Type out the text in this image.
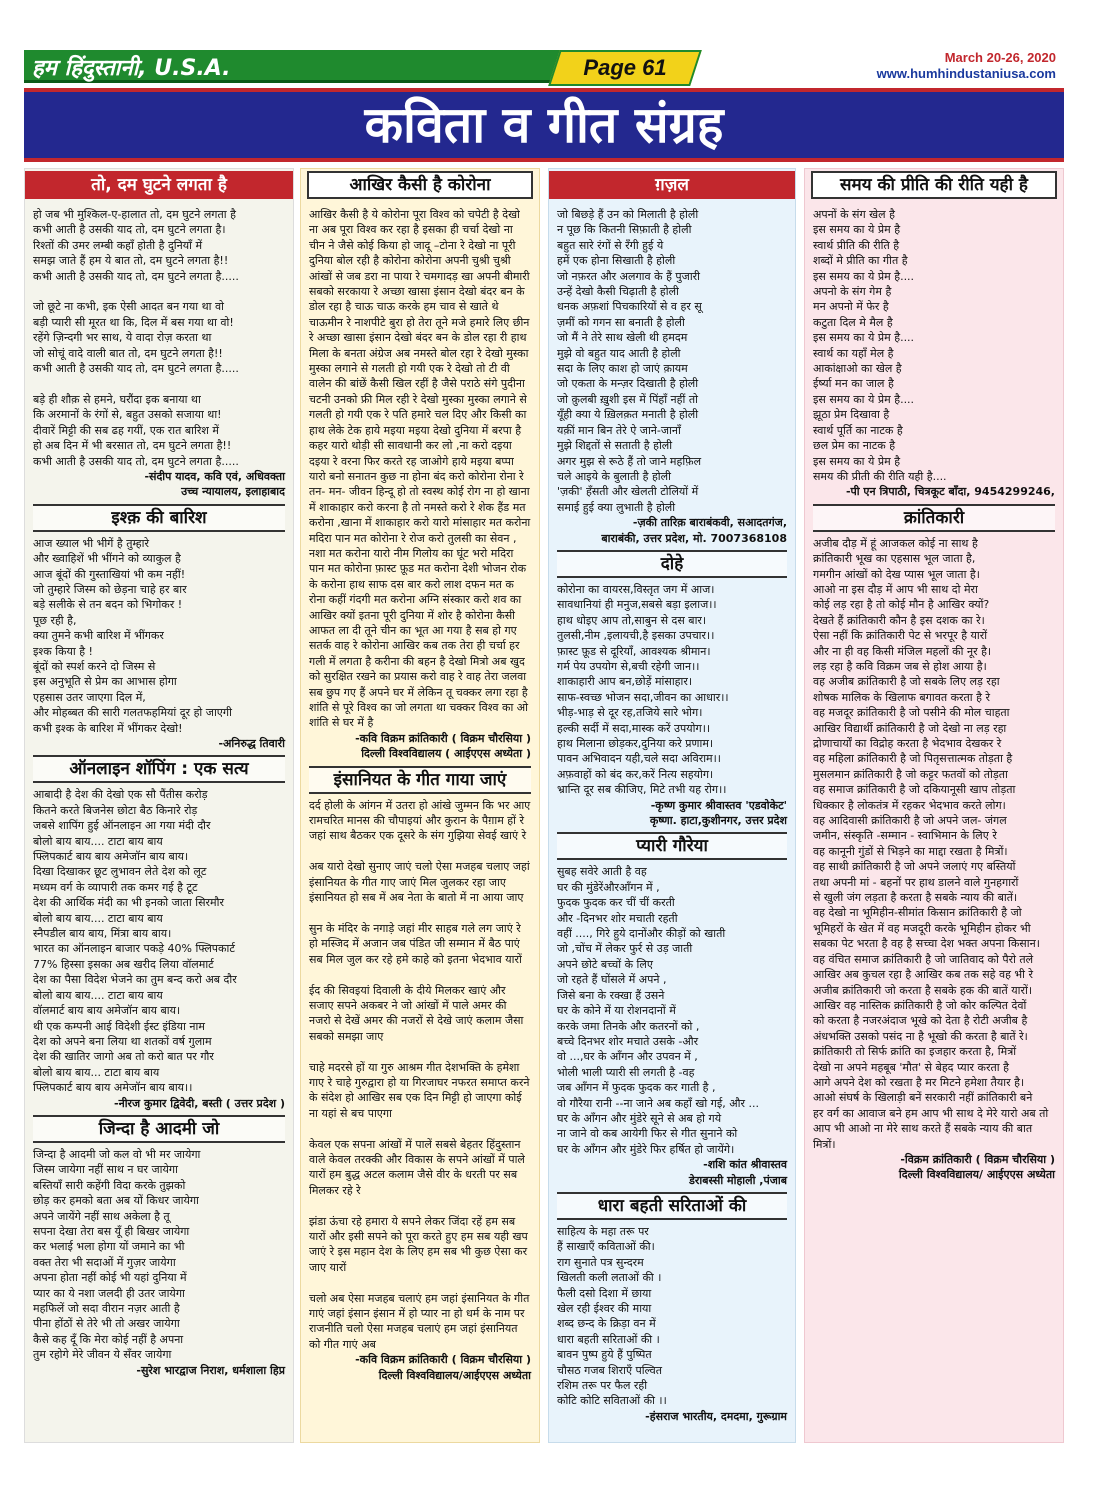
हम हिंदुस्तानी, U.S.A.	Page 61	March 20-26, 2020
www.humhindustaniusa.com
कविता व गीत संग्रह
तो, दम घुटने लगता है

हो जब भी मुश्किल-ए-हालात तो, दम घुटने लगता है
कभी आती है उसकी याद तो, दम घुटने लगता है।
रिश्तों की उमर लम्बी कहाँ होती है दुनियाँ में
समझ जाते हैं हम ये बात तो, दम घुटने लगता है!!
कभी आती है उसकी याद तो, दम घुटने लगता है.....

जो छूटे ना कभी, इक ऐसी आदत बन गया था वो
बड़ी प्यारी सी मूरत था कि, दिल में बस गया था वो!
रहेंगे ज़िन्दगी भर साथ, ये वादा रोज़ करता था
जो सोचूं वादे वाली बात तो, दम घुटने लगता है!!
कभी आती है उसकी याद तो, दम घुटने लगता है.....

बड़े ही शौक़ से हमने, घरौंदा इक बनाया था
कि अरमानों के रंगों से, बहुत उसको सजाया था!
दीवारें मिट्टी की सब ढह गयीं, एक रात बारिश में
हो अब दिन में भी बरसात तो, दम घुटने लगता है!!
कभी आती है उसकी याद तो, दम घुटने लगता है.....

-संदीप यादव, कवि एवं, अधिवक्ता
उच्च न्यायालय, इलाहाबाद

इश्क़ की बारिश

आज ख्याल भी भीगें है तुम्हारे
और ख्वाहिशें भी भींगने को व्याकुल है
आज बूंदों की गुस्ताखियां भी कम नहीं!
जो तुम्हारे जिस्म को छेड़ना चाहे हर बार
बड़े सलीके से तन बदन को भिगोकर !
पूछ रही है,
क्या तुमने कभी बारिश में भींगकर
इश्क किया है !
बूंदों को स्पर्श करने दो जिस्म से
इस अनुभूति से प्रेम का आभास होगा
एहसास उतर जाएगा दिल में,
और मोहब्बत की सारी गलतफहमियां दूर हो जाएगी
कभी इश्क के बारिश में भींगकर देखो!

-अनिरुद्ध तिवारी

ऑनलाइन शॉपिंग : एक सत्य

आबादी है देश की देखो एक सौ पैंतीस करोड़
कितने करते बिजनेस छोटा बैठ किनारे रोड़
जबसे शापिंग हुई ऑनलाइन आ गया मंदी दौर
बोलो बाय बाय.... टाटा बाय बाय
फ्लिपकार्ट बाय बाय अमेजॉन बाय बाय।
दिखा दिखाकर छूट लुभावन लेते देश को लूट
मध्यम वर्ग के व्यापारी तक कमर गई है टूट
देश की आर्थिक मंदी का भी इनको जाता सिरमौर
बोलो बाय बाय.... टाटा बाय बाय
स्नैपडील बाय बाय, मिंत्रा बाय बाय।
भारत का ऑनलाइन बाजार पकड़े 40% फ्लिपकार्ट
77% हिस्सा इसका अब खरीद लिया वॉलमार्ट
देश का पैसा विदेश भेजने का तुम बन्द करो अब दौर
बोलो बाय बाय.... टाटा बाय बाय
वॉलमार्ट बाय बाय अमेजॉन बाय बाय।
थी एक कम्पनी आई विदेशी ईस्ट इंडिया नाम
देश को अपने बना लिया था शतकों वर्ष गुलाम
देश की खातिर जागो अब तो करो बात पर गौर
बोलो बाय बाय... टाटा बाय बाय
फ्लिपकार्ट बाय बाय अमेजॉन बाय बाय।।

-नीरज कुमार द्विवेदी, बस्ती ( उत्तर प्रदेश )

जिन्दा है आदमी जो

जिन्दा है आदमी जो कल वो भी मर जायेगा
जिस्म जायेगा नहीं साथ न घर जायेगा
बस्तियाँ सारी कहेंगी विदा करके तुझको
छोड़ कर हमको बता अब यों किधर जायेगा
अपने जायेंगे नहीं साथ अकेला है तू
सपना देखा तेरा बस यूँ ही बिखर जायेगा
कर भलाई भला होगा यों जमाने का भी
वक्त तेरा भी सदाओं में गुज़र जायेगा
अपना होता नहीं कोई भी यहां दुनिया में
प्यार का ये नशा जलदी ही उतर जायेगा
महफिलें जो सदा वीरान नज़र आती है
पीना होंठों से तेरे भी तो अखर जायेगा
कैसे कह दूँ कि मेरा कोई नहीं है अपना
तुम रहोगे मेरे जीवन ये सँवर जायेगा

-सुरेश भारद्वाज निराश, धर्मशाला हिप्र

आखिर कैसी है कोरोना

आखिर कैसी है ये कोरोना पूरा विश्व को चपेटी है देखो ना अब पूरा विश्व कर रहा है इसका ही चर्चा देखो ना चीन ने जैसे कोई किया हो जादू –टोना रे देखो ना पूरी दुनिया बोल रही है कोरोना कोरोना अपनी चुश्री चुश्री आंखों से जब डरा ना पाया रे चमगादड़ खा अपनी बीमारी सबको सरकाया रे अच्छा खासा इंसान देखो बंदर बन के डोल रहा है चाऊ चाऊ करके हम चाव से खाते थे चाऊमीन रे नाशपीटे बुरा हो तेरा तूने मजे हमारे लिए छीन रे अच्छा खासा इंसान देखो बंदर बन के डोल रहा री हाथ मिला के बनता अंग्रेज अब नमस्ते बोल रहा रे देखो मुस्का मुस्का लगाने से गलती हो गयी एक रे देखो तो टी वी वालेन की बांछें कैसी खिल रहीं है जैसे पराठे संगे पुदीना चटनी उनको फ्री मिल रही रे देखो मुस्का मुस्का लगाने से गलती हो गयी एक रे पति हमारे चल दिए और किसी का हाथ लेके टेक हाये मइया मइया देखो दुनिया में बरपा है कहर यारो थोड़ी सी सावधानी कर लो ,ना करो दइया दइया रे वरना फिर करते रह जाओगे हाये मइया बप्पा यारो बनो सनातन कुछ ना होना बंद करो कोरोना रोना रे तन- मन- जीवन हिन्दू हो तो स्वस्थ कोई रोग ना हो खाना में शाकाहार करो करना है तो नमस्ते करो रे शेक हैंड मत करोना ,खाना में शाकाहार करो यारो मांसाहार मत करोना मदिरा पान मत कोरोना रे रोज करो तुलसी का सेवन , नशा मत करोना यारो नीम गिलोय का घूंट भरो मदिरा पान मत कोरोना फ़ास्ट फ़ूड मत करोना देशी भोजन रोक के करोना हाथ साफ दस बार करो लाश दफन मत क रोना कहीं गंदगी मत करोना अग्नि संस्कार करो शव का आखिर क्यों इतना पूरी दुनिया में शोर है कोरोना कैसी आफत ला दी तूने चीन का भूत आ गया है सब हो गए सतर्क वाह रे कोरोना आखिर कब तक तेरा ही चर्चा हर गली में लगता है करीना की बहन है देखो मित्रो अब खुद को सुरक्षित रखने का प्रयास करो वाह रे वाह तेरा जलवा सब छुप गए हैं अपने घर में लेकिन तू चक्कर लगा रहा है शांति से पूरे विश्व का जो लगता था चक्कर विश्व का ओ शांति से घर में है

-कवि विक्रम क्रांतिकारी ( विक्रम चौरसिया )
दिल्ली विश्वविद्यालय ( आईएएस अध्येता )

इंसानियत के गीत गाया जाएं

दर्द होली के आंगन में उतरा हो आंखे जुम्मन कि भर आए रामचरित मानस की चौपाइयां और कुरान के पैग़ाम हों रे जहां साथ बैठकर एक दूसरे के संग गुझिया सेवई खाएं रे

अब यारो देखो सुनाए जाएं चलो ऐसा मजहब चलाए जहां इंसानियत के गीत गाए जाएं मिल जुलकर रहा जाए इंसानियत हो सब में अब नेता के बातो में ना आया जाए

सुन के मंदिर के नगाड़े जहां मीर साहब गले लग जाएं रे हो मस्जिद में अजान जब पंडित जी सम्मान में बैठ पाएं सब मिल जुल कर रहे हमे काहे को इतना भेदभाव यारों

ईद की सिवइयां दिवाली के दीये मिलकर खाएं और सजाए सपने अकबर ने जो आंखों में पाले अमर की नजरो से देखें अमर की नजरों से देखे जाएं कलाम जैसा सबको समझा जाए

चाहे मदरसे हों या गुरु आश्रम गीत देशभक्ति के हमेशा गाए रे चाहे गुरुद्वारा हो या गिरजाघर नफरत समाप्त करने के संदेश हो आखिर सब एक दिन मिट्टी हो जाएगा कोई ना यहां से बच पाएगा

केवल एक सपना आंखों में पालें सबसे बेहतर हिंदुस्तान वाले केवल तरक्की और विकास के सपने आंखों में पाले यारों हम बुद्ध अटल कलाम जैसे वीर के धरती पर सब मिलकर रहे रे

झंडा ऊंचा रहे हमारा ये सपने लेकर जिंदा रहें हम सब यारों और इसी सपने को पूरा करते हुए हम सब यही खप जाएं रे इस महान देश के लिए हम सब भी कुछ ऐसा कर जाए यारों

चलो अब ऐसा मजहब चलाएं हम जहां इंसानियत के गीत गाएं जहां इंसान इंसान में हो प्यार ना हो धर्म के नाम पर राजनीति चलो ऐसा मजहब चलाएं हम जहां इंसानियत को गीत गाएं अब

-कवि विक्रम क्रांतिकारी ( विक्रम चौरसिया )
दिल्ली विश्वविद्यालय/आईएएस अध्येता

ग़ज़ल

जो बिछड़े हैं उन को मिलाती है होली
न पूछ कि कितनी सिफ़ाती है होली
बहुत सारे रंगों से रँगी हुई ये
हमें एक होना सिखाती है होली
जो नफ़रत और अलगाव के हैं पुजारी
उन्हें देखो कैसी चिढ़ाती है होली
धनक अफ़शां पिचकारियों से व हर सू
ज़मीं को गगन सा बनाती है होली
जो मैं ने तेरे साथ खेली थी हमदम
मुझे वो बहुत याद आती है होली
सदा के लिए काश हो जाएं क़ायम
जो एकता के मन्ज़र दिखाती है होली
जो क़ुलबी ख़ुशी इस में पिंहाँ नहीं तो
यूँही क्या ये ख़िलक़त मनाती है होली
यक़ीं मान बिन तेरे ऐ जाने-जानाँ
मुझे शिद्दतों से सताती है होली
अगर मुझ से रूठे हैं तो जाने महफ़िल
चले आइये के बुलाती है होली
'ज़की' हँसती और खेलती टोलियों में
समाई हुई क्या लुभाती है होली

-ज़की तारिक़ बाराबंकवी, सआदतगंज,
बाराबंकी, उत्तर प्रदेश, मो. 7007368108

दोहे

कोरोना का वायरस,विस्तृत जग में आज।
सावधानियां ही मनुज,सबसे बड़ा इलाज।।
हाथ धोइए आप तो,साबुन से दस बार।
तुलसी,नीम ,इलायची,है इसका उपचार।।
फ़ास्ट फ़ूड से दूरियाँ, आवश्यक श्रीमान।
गर्म पेय उपयोग से,बची रहेगी जान।।
शाकाहारी आप बन,छोड़ें मांसाहार।
साफ-स्वच्छ भोजन सदा,जीवन का आधार।।
भीड़-भाड़ से दूर रह,तजिये सारे भोग।
हल्की सर्दी में सदा,मास्क करें उपयोग।।
हाथ मिलाना छोड़कर,दुनिया करे प्रणाम।
पावन अभिवादन यही,चले सदा अविराम।।
अफ़वाहों को बंद कर,करें नित्य सहयोग।
भ्रान्ति दूर सब कीजिए, मिटे तभी यह रोग।।

-कृष्ण कुमार श्रीवास्तव 'एडवोकेट'
कृष्णा. हाटा,कुशीनगर, उत्तर प्रदेश

प्यारी गौरेया

सुबह सवेरे आती है वह
घर की मुंडेरेंऔरआँगन में ,
फुदक फुदक कर चीं चीं करती
और -दिनभर शोर मचाती रहती
वहीं ...., गिरे हुये दानोंऔर कीड़ों को खाती
जो ,चोंच में लेकर फुर्र से उड़ जाती
अपने छोटे बच्चों के लिए
जो रहते हैं घोंसले में अपने ,
जिसे बना के रक्खा हैं उसने
घर के कोने में या रोशनदानों में
करके जमा तिनके और कतरनों को ,
बच्चे दिनभर शोर मचाते उसके -और
वो ...,घर के आँगन और उपवन में ,
भोली भाली प्यारी सी लगती है -वह
जब आँगन में फुदक फुदक कर गाती है ,
वो गौरैया रानी --ना जाने अब कहाँ खो गई, और ...
घर के आँगन और मुंडेरे सूने से अब हो गये
ना जाने वो कब आयेगी फिर से गीत सुनाने को
घर के आँगन और मुंडेरे फिर हर्षित हो जायेंगे।

-शशि कांत श्रीवास्तव
डेराबस्सी मोहाली ,पंजाब

धारा बहती सरिताओं की

साहित्य के महा तरू पर
हैं साखाएँ कविताओं की।
राग सुनाते पत्र सुन्दरम
खिलती कली लताओं की ।
फैली दसो दिशा में छाया
खेल रही ईश्वर की माया
शब्द छन्द के क्रिड़ा वन में
धारा बहती सरिताओं की ।
बावन पुष्प हुये हैं पुष्पित
चौसठ गजब शिराएँ पल्वित
रशिम तरू पर फैल रही
कोटि कोटि सविताओं की ।।

-हंसराज भारतीय, दमदमा, गुरूग्राम

समय की प्रीति की रीति यही है

अपनों के संग खेल है
इस समय का ये प्रेम है
स्वार्थ प्रीति की रीति है
शब्दों मे प्रीति का गीत है
इस समय का ये प्रेम है....
अपनो के संग गेम है
मन अपनो में फेर है
कटुता दिल मे मैल है
इस समय का ये प्रेम है....
स्वार्थ का यहाँ मेल है
आकांक्षाओ का खेल है
ईर्ष्या मन का जाल है
इस समय का ये प्रेम है....
झूठा प्रेम दिखावा है
स्वार्थ पूर्ति का नाटक है
छल प्रेम का नाटक है
इस समय का ये प्रेम है
समय की प्रीती की रीति यही है....

-पी एन त्रिपाठी, चित्रकूट बाँदा, 9454299246,

क्रांतिकारी

अजीब दौड़ में हूं आजकल कोई ना साथ है
क्रांतिकारी भूख का एहसास भूल जाता है,
गमगीन आंखों को देख प्यास भूल जाता है।
आओ ना इस दौड़ में आप भी साथ दो मेरा
कोई लड़ रहा है तो कोई मौन है आखिर क्यों?
देखते हैं क्रांतिकारी कौन है इस दशक का रे।
ऐसा नहीं कि क्रांतिकारी पेट से भरपूर है यारों
और ना ही वह किसी मंजिल महलों की नूर है।
लड़ रहा है कवि विक्रम जब से होश आया है।
वह अजीब क्रांतिकारी है जो सबके लिए लड़ रहा
शोषक मालिक के खिलाफ बगावत करता है रे
वह मजदूर क्रांतिकारी है जो पसीने की मोल चाहता
आखिर विद्यार्थी क्रांतिकारी है जो देखो ना लड़ रहा
द्रोणाचार्यों का विद्रोह करता है भेदभाव देखकर रे
वह महिला क्रांतिकारी है जो पितृसत्तात्मक तोड़ता है
मुसलमान क्रांतिकारी है जो कट्टर फतवों को तोड़ता
वह समाज क्रांतिकारी है जो दकियानूसी खाप तोड़ता
धिक्कार है लोकतंत्र में रहकर भेदभाव करते लोग।
वह आदिवासी क्रांतिकारी है जो अपने जल- जंगल
जमीन, संस्कृति -सम्मान - स्वाभिमान के लिए रे
वह कानूनी गुंडों से भिड़ने का माद्दा रखता है मित्रों।
वह साथी क्रांतिकारी है जो अपने जलाएं गए बस्तियों
तथा अपनी मां - बहनों पर हाथ डालने वाले गुनहगारों
से खुली जंग लड़ता है करता है सबके न्याय की बातें।
वह देखो ना भूमिहीन-सीमांत किसान क्रांतिकारी है जो
भूमिहरों के खेत में वह मजदूरी करके भूमिहीन होकर भी
सबका पेट भरता है वह है सच्चा देश भक्त अपना किसान।
वह वंचित समाज क्रांतिकारी है जो जातिवाद को पैरो तले
आखिर अब कुचल रहा है आखिर कब तक सहे वह भी रे
अजीब क्रांतिकारी जो करता है सबके हक की बातें यारों।
आखिर वह नास्तिक क्रांतिकारी है जो कोर कल्पित देवों
को करता है नजरअंदाज भूखे को देता है रोटी अजीब है
अंधभक्ति उसको पसंद ना है भूखो की करता है बातें रे।
क्रांतिकारी तो सिर्फ क्रांति का इजहार करता है, मित्रों
देखो ना अपने महबूब 'मौत' से बेहद प्यार करता है
आगे अपने देश को रखता है मर मिटने हमेशा तैयार है।
आओ संघर्ष के खिलाड़ी बनें सरकारी नहीं क्रांतिकारी बने
हर वर्ग का आवाज बने हम आप भी साथ दे मेरे यारो अब तो
आप भी आओ ना मेरे साथ करते हैं सबके न्याय की बात मित्रों।

-विक्रम क्रांतिकारी ( विक्रम चौरसिया )
दिल्ली विश्वविद्यालय/ आईएएस अध्येता
